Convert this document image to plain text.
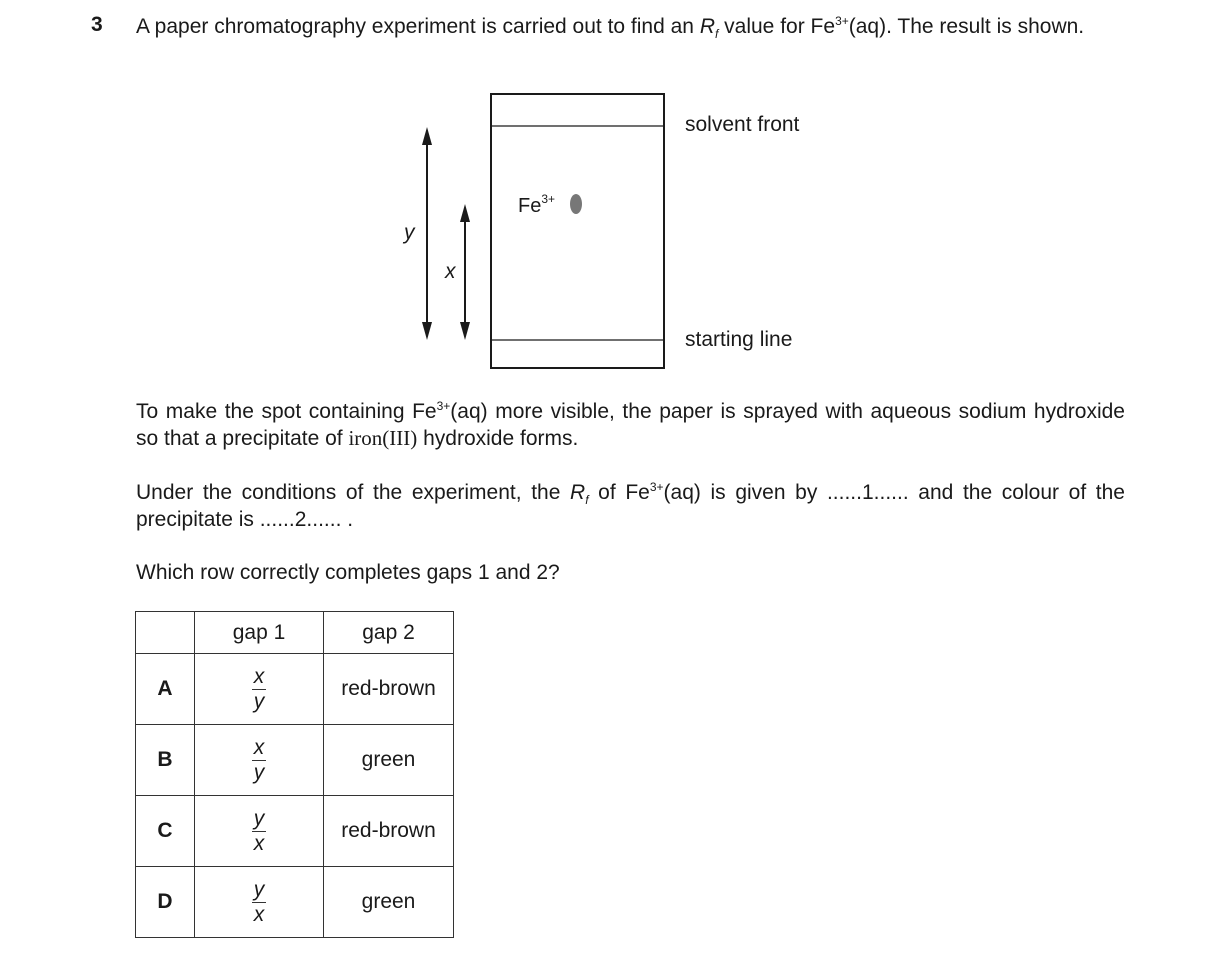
3 A paper chromatography experiment is carried out to find an $R_f$ value for $Fe^{3+}(aq)$. The result is shown.
$Fe^{3+}$
y
x
solvent front
starting line
To make the spot containing $Fe^{3+}(aq)$ more visible, the paper is sprayed with aqueous sodium hydroxide so that a precipitate of iron(III) hydroxide forms.
Under the conditions of the experiment, the $R_f$ of $Fe^{3+}(aq)$ is given by ......1...... and the colour of the precipitate is ......2...... .
Which row correctly completes gaps 1 and 2?
	gap 1	gap 2
A	$\frac{x}{y}$	red-brown
B	$\frac{x}{y}$	green
C	$\frac{y}{x}$	red-brown
D	$\frac{y}{x}$	green
